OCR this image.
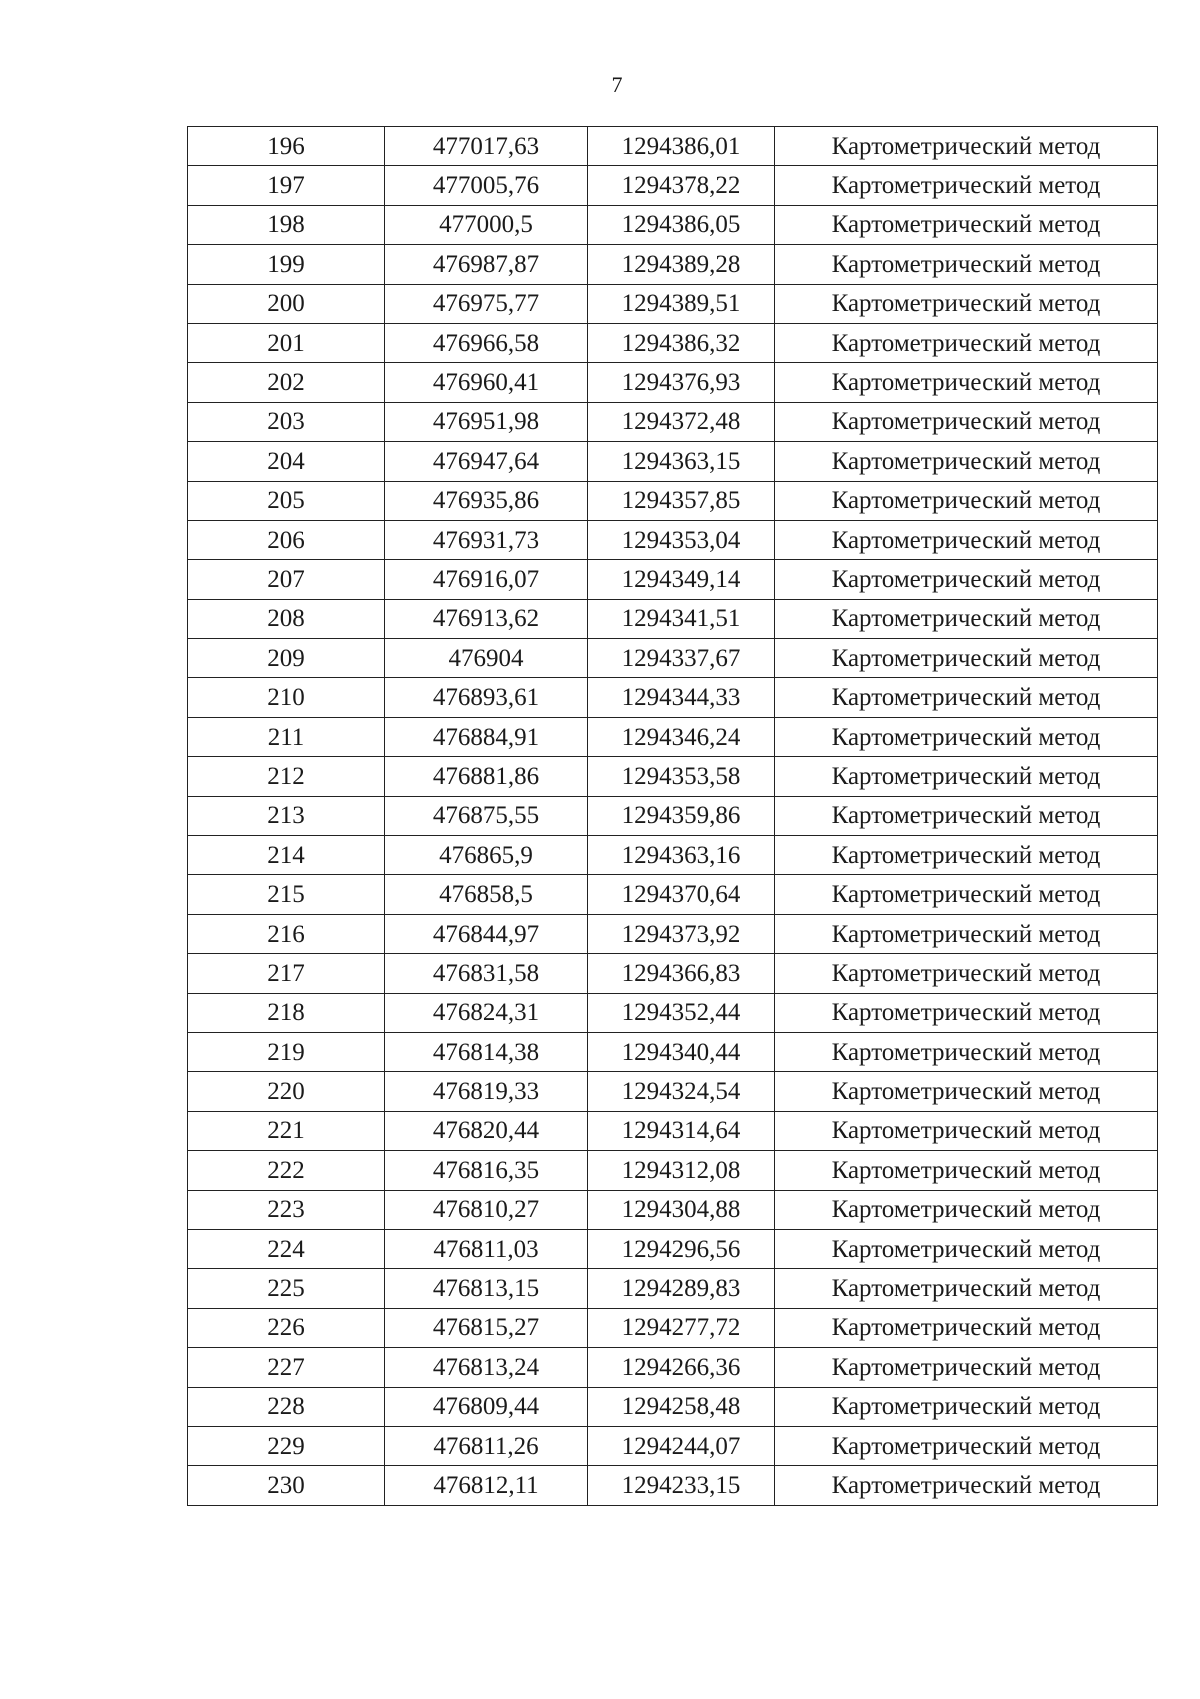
7
196	477017,63	1294386,01	Картометрический метод
197	477005,76	1294378,22	Картометрический метод
198	477000,5	1294386,05	Картометрический метод
199	476987,87	1294389,28	Картометрический метод
200	476975,77	1294389,51	Картометрический метод
201	476966,58	1294386,32	Картометрический метод
202	476960,41	1294376,93	Картометрический метод
203	476951,98	1294372,48	Картометрический метод
204	476947,64	1294363,15	Картометрический метод
205	476935,86	1294357,85	Картометрический метод
206	476931,73	1294353,04	Картометрический метод
207	476916,07	1294349,14	Картометрический метод
208	476913,62	1294341,51	Картометрический метод
209	476904	1294337,67	Картометрический метод
210	476893,61	1294344,33	Картометрический метод
211	476884,91	1294346,24	Картометрический метод
212	476881,86	1294353,58	Картометрический метод
213	476875,55	1294359,86	Картометрический метод
214	476865,9	1294363,16	Картометрический метод
215	476858,5	1294370,64	Картометрический метод
216	476844,97	1294373,92	Картометрический метод
217	476831,58	1294366,83	Картометрический метод
218	476824,31	1294352,44	Картометрический метод
219	476814,38	1294340,44	Картометрический метод
220	476819,33	1294324,54	Картометрический метод
221	476820,44	1294314,64	Картометрический метод
222	476816,35	1294312,08	Картометрический метод
223	476810,27	1294304,88	Картометрический метод
224	476811,03	1294296,56	Картометрический метод
225	476813,15	1294289,83	Картометрический метод
226	476815,27	1294277,72	Картометрический метод
227	476813,24	1294266,36	Картометрический метод
228	476809,44	1294258,48	Картометрический метод
229	476811,26	1294244,07	Картометрический метод
230	476812,11	1294233,15	Картометрический метод
